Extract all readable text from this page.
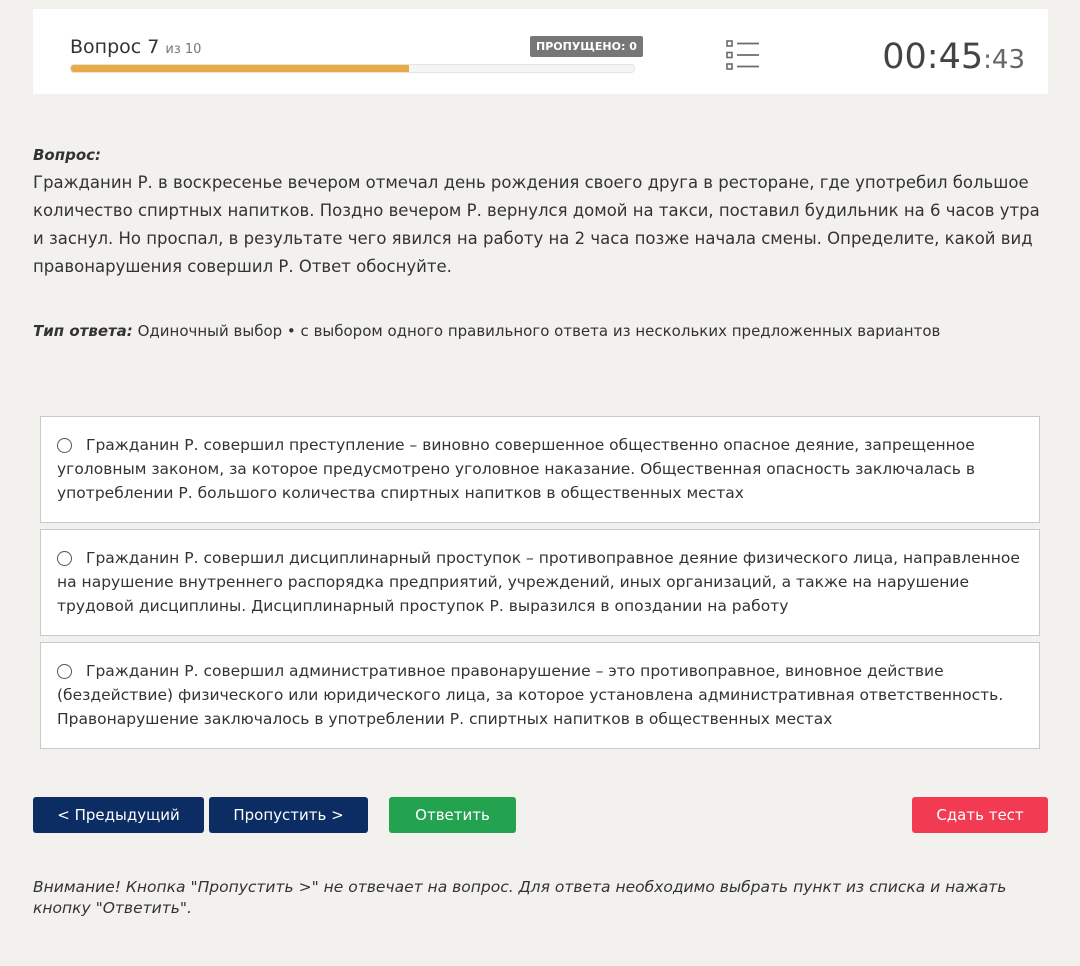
Вопрос 7 из 10	ПРОПУЩЕНО: 0	00:45:43
Вопрос:
Гражданин Р. в воскресенье вечером отмечал день рождения своего друга в ресторане, где употребил большое количество спиртных напитков. Поздно вечером Р. вернулся домой на такси, поставил будильник на 6 часов утра и заснул. Но проспал, в результате чего явился на работу на 2 часа позже начала смены. Определите, какой вид правонарушения совершил Р. Ответ обоснуйте.
Тип ответа: Одиночный выбор • с выбором одного правильного ответа из нескольких предложенных вариантов
Гражданин Р. совершил преступление – виновно совершенное общественно опасное деяние, запрещенное уголовным законом, за которое предусмотрено уголовное наказание. Общественная опасность заключалась в употреблении Р. большого количества спиртных напитков в общественных местах
Гражданин Р. совершил дисциплинарный проступок – противоправное деяние физического лица, направленное на нарушение внутреннего распорядка предприятий, учреждений, иных организаций, а также на нарушение трудовой дисциплины. Дисциплинарный проступок Р. выразился в опоздании на работу
Гражданин Р. совершил административное правонарушение – это противоправное, виновное действие (бездействие) физического или юридического лица, за которое установлена административная ответственность. Правонарушение заключалось в употреблении Р. спиртных напитков в общественных местах
< Предыдущий	Пропустить >	Ответить	Сдать тест
Внимание! Кнопка "Пропустить >" не отвечает на вопрос. Для ответа необходимо выбрать пункт из списка и нажать кнопку "Ответить".
